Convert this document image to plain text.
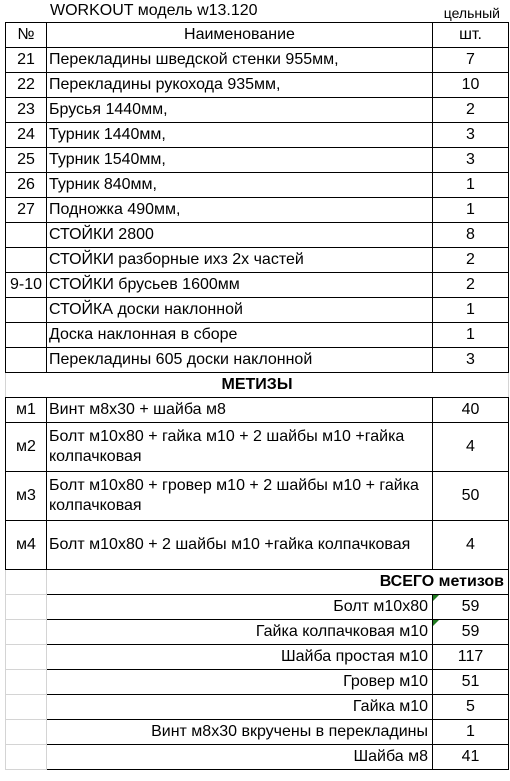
WORKOUT модель w13.120	цельный
№	Наименование	шт.
21	Перекладины шведской стенки 955мм,	7
22	Перекладины рукохода 935мм,	10
23	Брусья 1440мм,	2
24	Турник 1440мм,	3
25	Турник 1540мм,	3
26	Турник 840мм,	1
27	Подножка 490мм,	1
	СТОЙКИ 2800	8
	СТОЙКИ разборные ихз 2х частей	2
9-10	СТОЙКИ брусьев 1600мм	2
	СТОЙКА доски наклонной	1
	Доска наклонная в сборе	1
	Перекладины 605 доски наклонной	3
МЕТИЗЫ		
м1	Винт м8х30 + шайба м8	40
м2	Болт м10х80 + гайка м10 + 2 шайбы м10 +гайка колпачковая	4
м3	Болт м10х80 + гровер м10 + 2 шайбы м10 + гайка колпачковая	50
м4	Болт м10х80 + 2 шайбы м10 +гайка колпачковая	4
	ВСЕГО метизов	
	Болт м10х80	59
	Гайка колпачковая м10	59
	Шайба простая м10	117
	Гровер м10	51
	Гайка м10	5
	Винт м8х30 вкручены в перекладины	1
	Шайба м8	41
